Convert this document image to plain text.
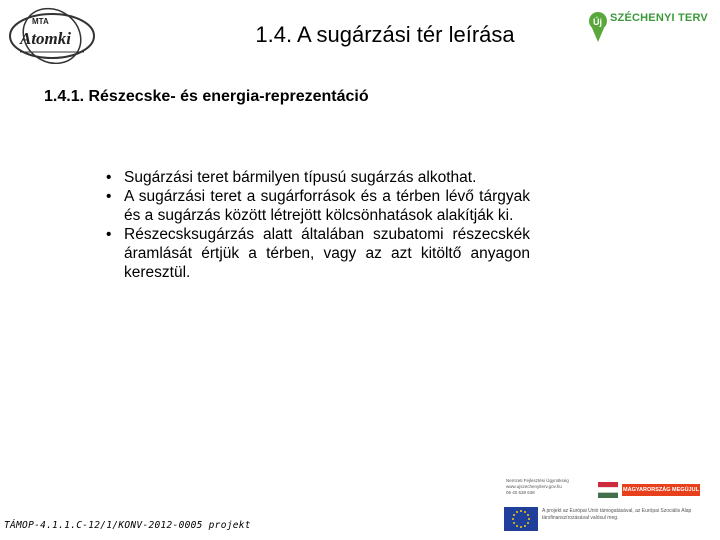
MTA
Atomki	1.4. A sugárzási tér leírása	Új SZÉCHENYI TERV
1.4.1. Részecske- és energia-reprezentáció
• Sugárzási teret bármilyen típusú sugárzás alkothat.
• A sugárzási teret a sugárforrások és a térben lévő tárgyak és a sugárzás között létrejött kölcsönhatások alakítják ki.
• Részecsksugárzás alatt általában szubatomi részecskék áramlását értjük a térben, vagy az azt kitöltő anyagon keresztül.
TÁMOP-4.1.1.C-12/1/KONV-2012-0005 projekt
Nemzeti Fejlesztési Ügynökség
www.ujszechenyiterv.gov.hu
06 40 638 638	MAGYARORSZÁG MEGÚJUL
A projekt az Európai Unió támogatásával, az Európai Szociális Alap társfinanszírozásával valósul meg.
